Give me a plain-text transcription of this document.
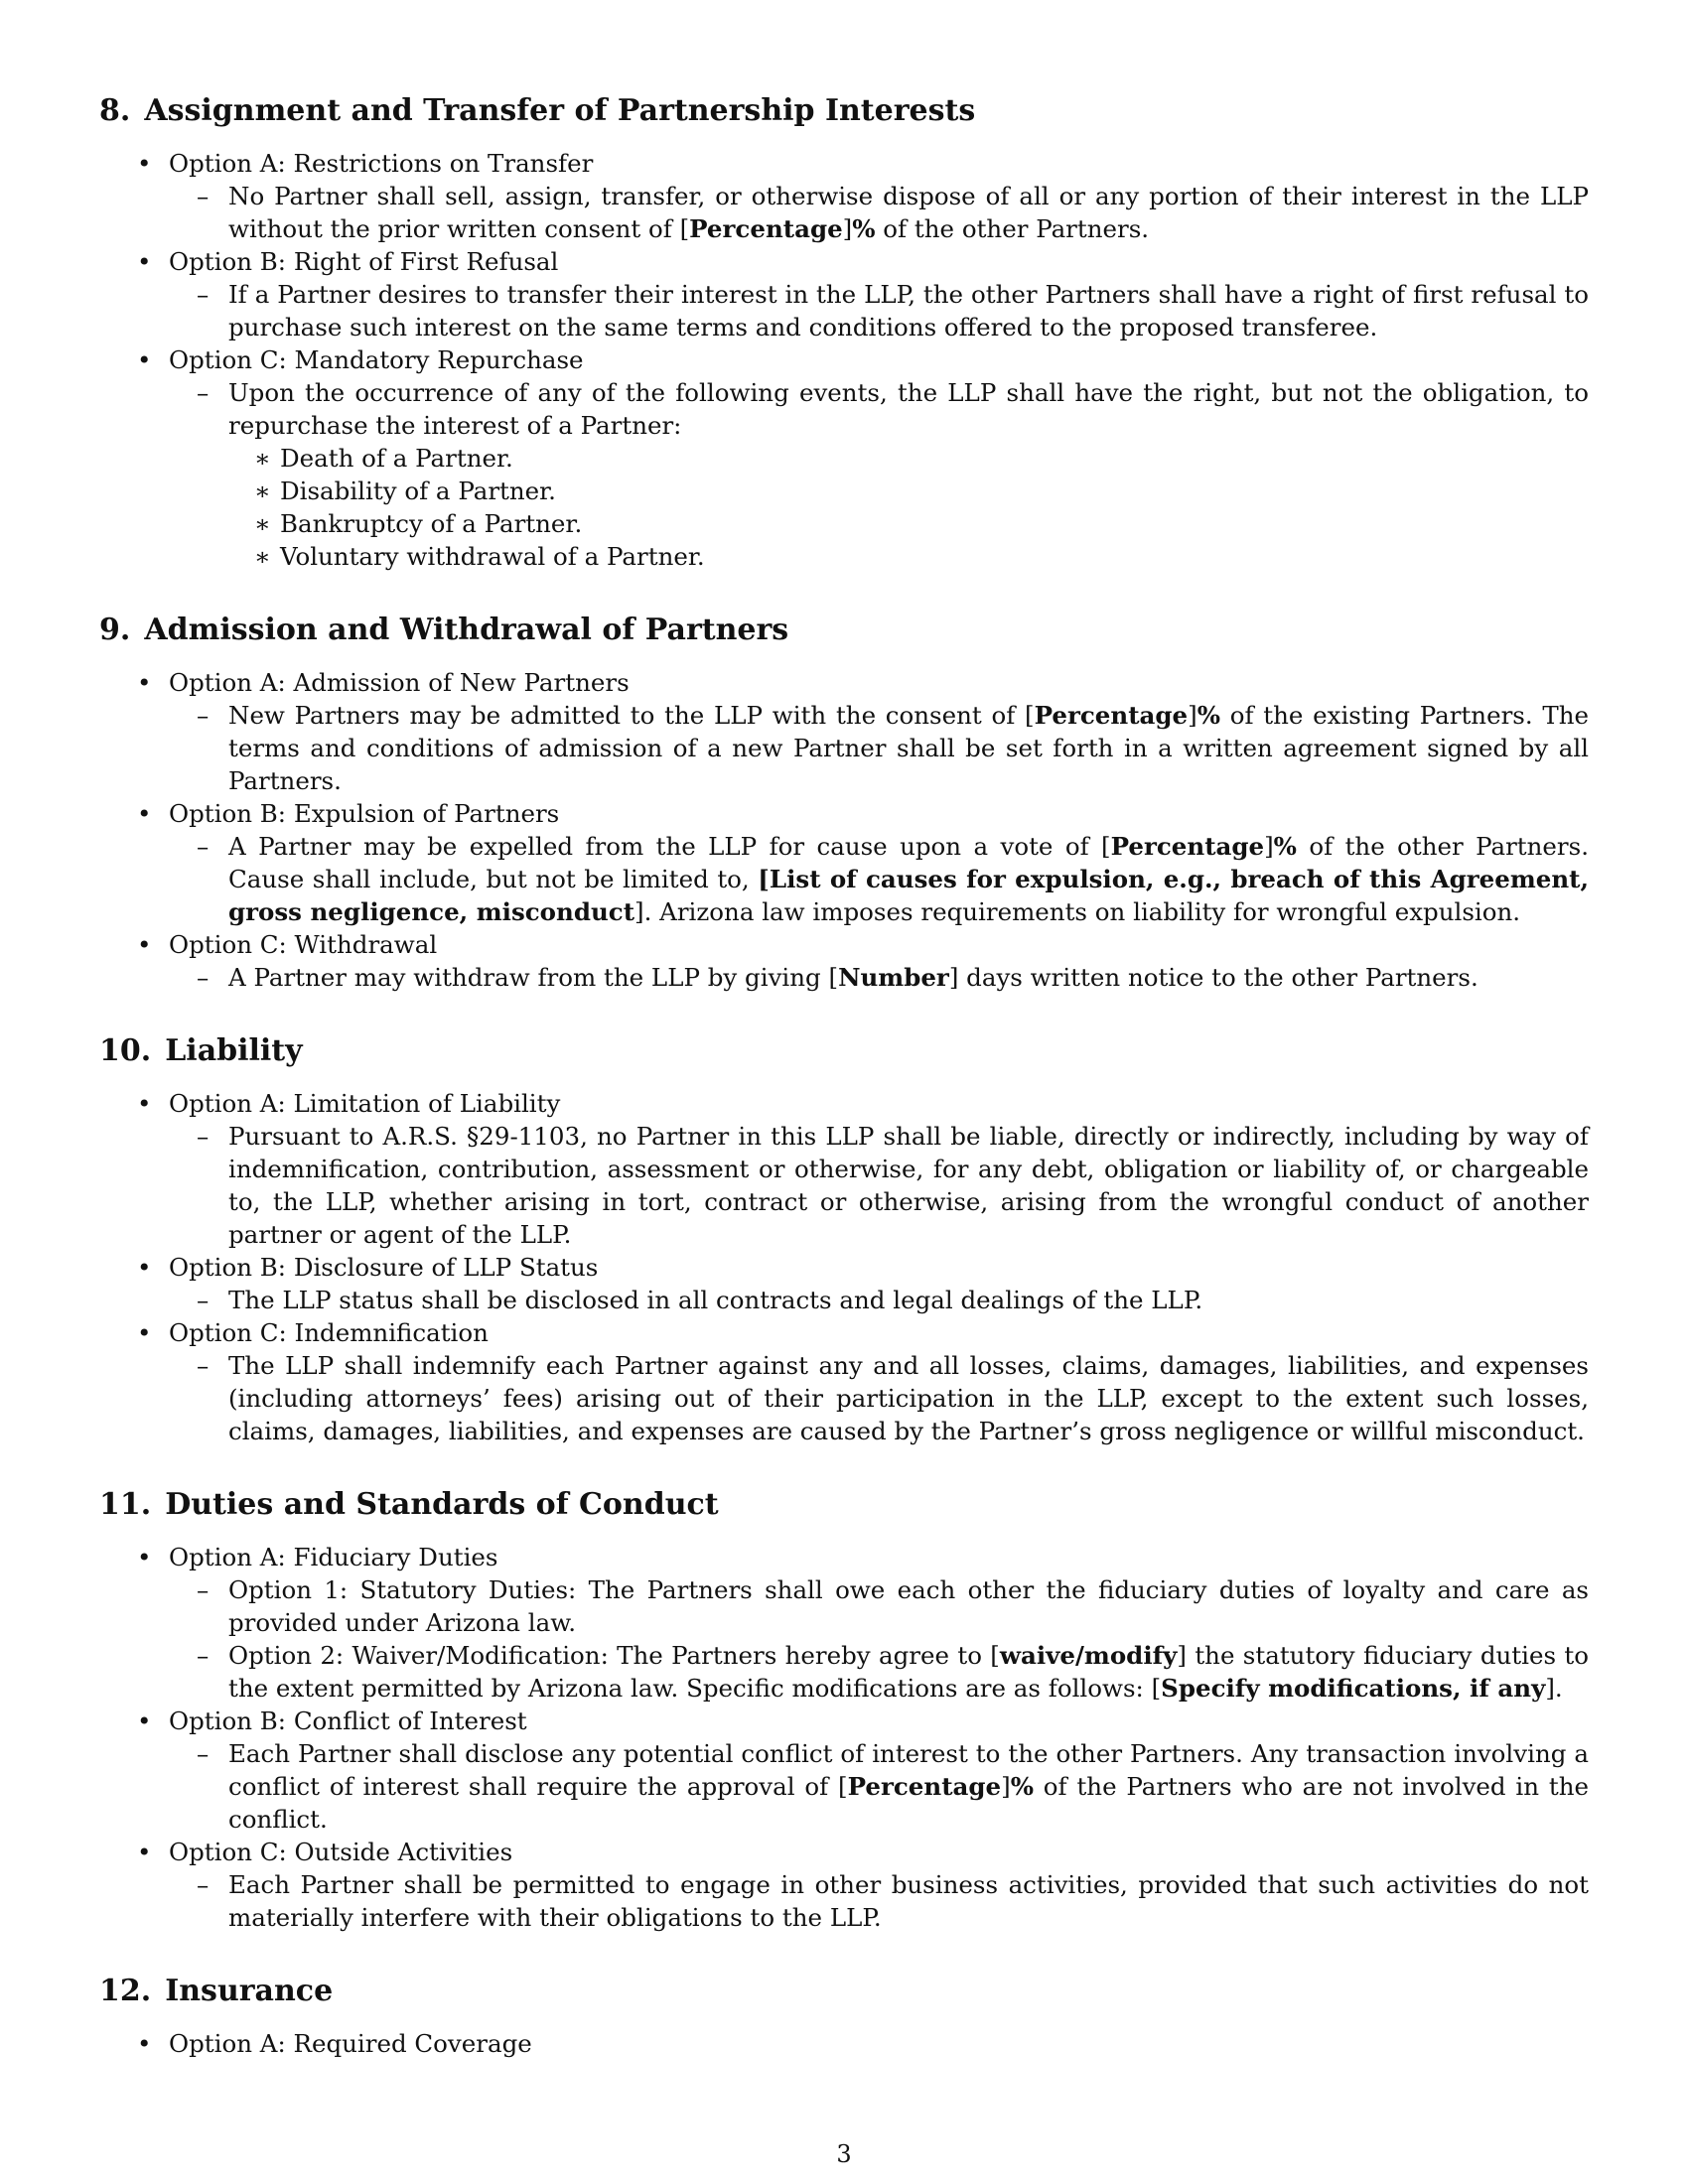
8. Assignment and Transfer of Partnership Interests
• Option A: Restrictions on Transfer
– No Partner shall sell, assign, transfer, or otherwise dispose of all or any portion of their interest in the LLP without the prior written consent of [Percentage]% of the other Partners.
• Option B: Right of First Refusal
– If a Partner desires to transfer their interest in the LLP, the other Partners shall have a right of first refusal to purchase such interest on the same terms and conditions offered to the proposed transferee.
• Option C: Mandatory Repurchase
– Upon the occurrence of any of the following events, the LLP shall have the right, but not the obligation, to repurchase the interest of a Partner:
∗ Death of a Partner.
∗ Disability of a Partner.
∗ Bankruptcy of a Partner.
∗ Voluntary withdrawal of a Partner.
9. Admission and Withdrawal of Partners
• Option A: Admission of New Partners
– New Partners may be admitted to the LLP with the consent of [Percentage]% of the existing Partners. The terms and conditions of admission of a new Partner shall be set forth in a written agreement signed by all Partners.
• Option B: Expulsion of Partners
– A Partner may be expelled from the LLP for cause upon a vote of [Percentage]% of the other Partners. Cause shall include, but not be limited to, [List of causes for expulsion, e.g., breach of this Agreement, gross negligence, misconduct]. Arizona law imposes requirements on liability for wrongful expulsion.
• Option C: Withdrawal
– A Partner may withdraw from the LLP by giving [Number] days written notice to the other Partners.
10. Liability
• Option A: Limitation of Liability
– Pursuant to A.R.S. §29-1103, no Partner in this LLP shall be liable, directly or indirectly, including by way of indemnification, contribution, assessment or otherwise, for any debt, obligation or liability of, or chargeable to, the LLP, whether arising in tort, contract or otherwise, arising from the wrongful conduct of another partner or agent of the LLP.
• Option B: Disclosure of LLP Status
– The LLP status shall be disclosed in all contracts and legal dealings of the LLP.
• Option C: Indemnification
– The LLP shall indemnify each Partner against any and all losses, claims, damages, liabilities, and expenses (including attorneys’ fees) arising out of their participation in the LLP, except to the extent such losses, claims, damages, liabilities, and expenses are caused by the Partner’s gross negligence or willful misconduct.
11. Duties and Standards of Conduct
• Option A: Fiduciary Duties
– Option 1: Statutory Duties: The Partners shall owe each other the fiduciary duties of loyalty and care as provided under Arizona law.
– Option 2: Waiver/Modification: The Partners hereby agree to [waive/modify] the statutory fiduciary duties to the extent permitted by Arizona law. Specific modifications are as follows: [Specify modifications, if any].
• Option B: Conflict of Interest
– Each Partner shall disclose any potential conflict of interest to the other Partners. Any transaction involving a conflict of interest shall require the approval of [Percentage]% of the Partners who are not involved in the conflict.
• Option C: Outside Activities
– Each Partner shall be permitted to engage in other business activities, provided that such activities do not materially interfere with their obligations to the LLP.
12. Insurance
• Option A: Required Coverage
3
